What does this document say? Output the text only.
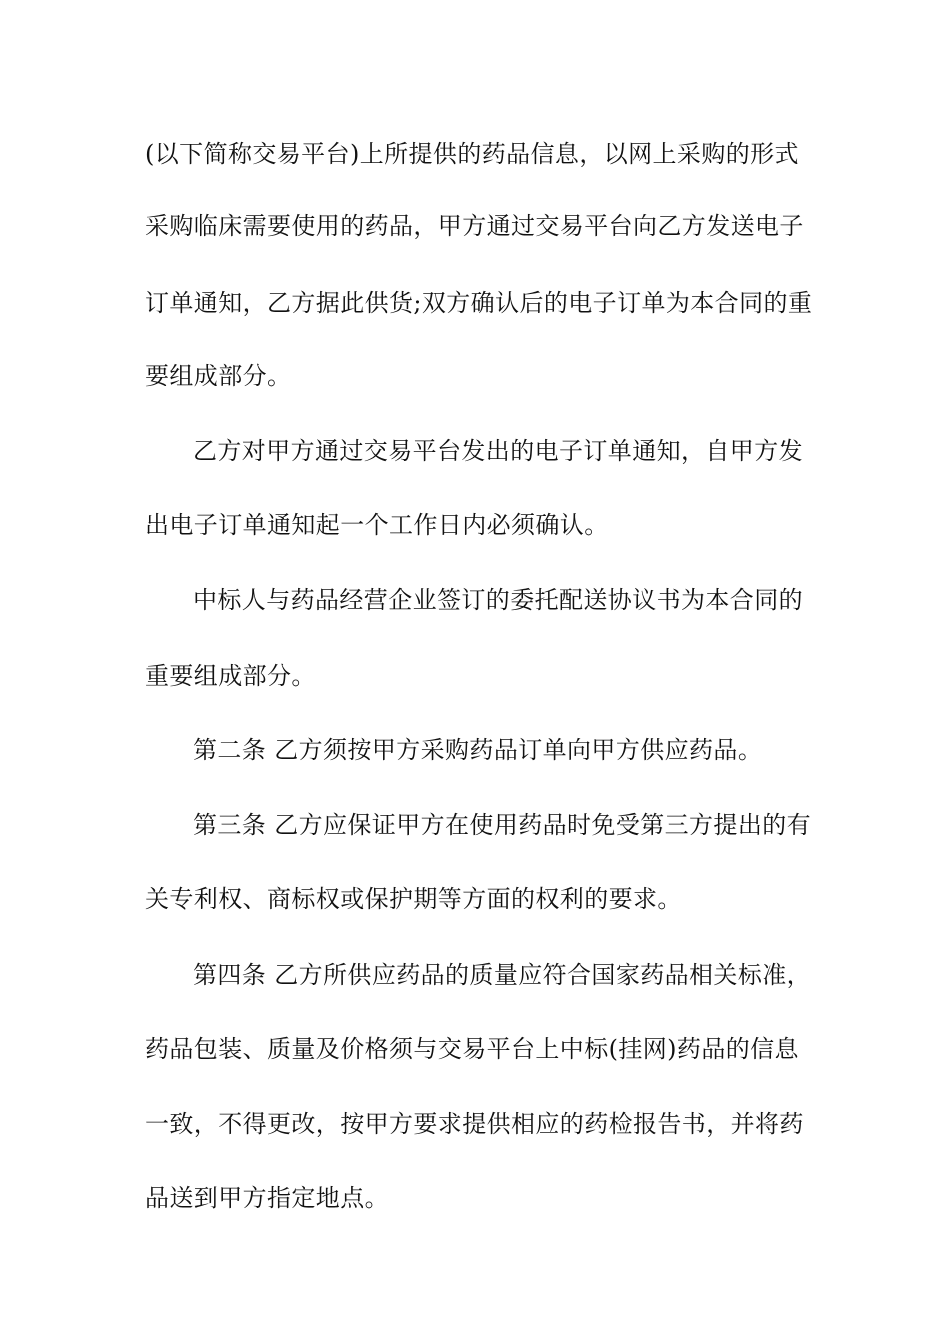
(以下简称交易平台)上所提供的药品信息，以网上采购的形式
采购临床需要使用的药品，甲方通过交易平台向乙方发送电子
订单通知，乙方据此供货;双方确认后的电子订单为本合同的重
要组成部分。
乙方对甲方通过交易平台发出的电子订单通知，自甲方发
出电子订单通知起一个工作日内必须确认。
中标人与药品经营企业签订的委托配送协议书为本合同的
重要组成部分。
第二条 乙方须按甲方采购药品订单向甲方供应药品。
第三条 乙方应保证甲方在使用药品时免受第三方提出的有
关专利权、商标权或保护期等方面的权利的要求。
第四条 乙方所供应药品的质量应符合国家药品相关标准，
药品包装、质量及价格须与交易平台上中标(挂网)药品的信息
一致，不得更改，按甲方要求提供相应的药检报告书，并将药
品送到甲方指定地点。
